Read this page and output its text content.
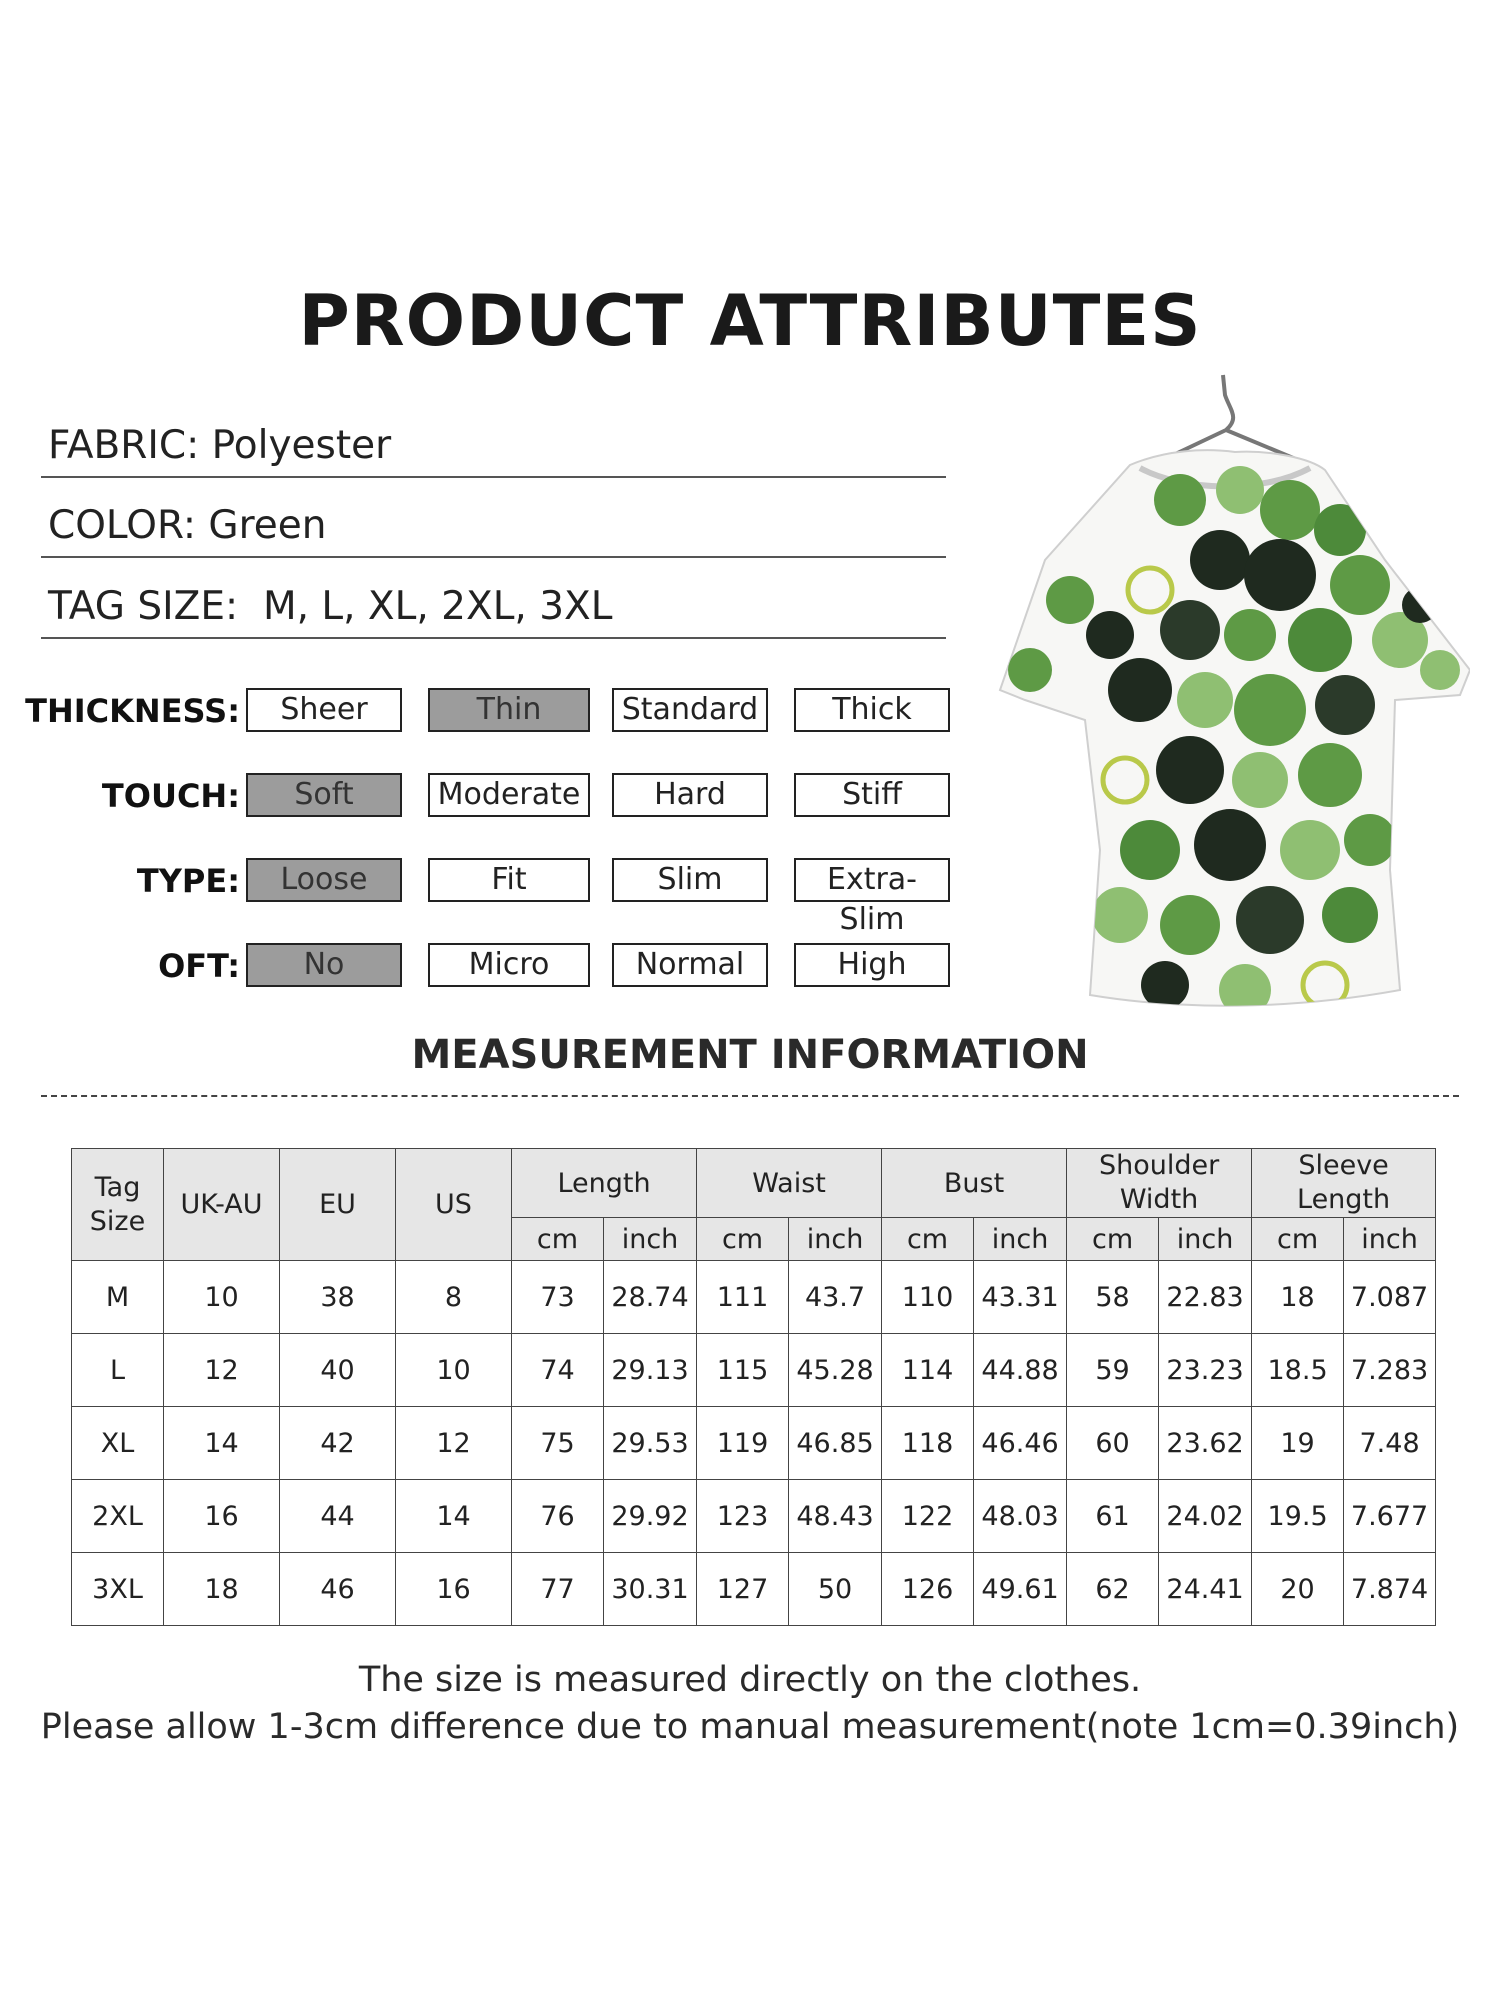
PRODUCT ATTRIBUTES
FABRIC: Polyester
COLOR: Green
TAG SIZE:  M, L, XL, 2XL, 3XL
THICKNESS:	Sheer	Thin	Standard	Thick
TOUCH:	Soft	Moderate	Hard	Stiff
TYPE:	Loose	Fit	Slim	Extra-Slim
OFT:	No	Micro	Normal	High
MEASUREMENT INFORMATION
Tag Size	UK-AU	EU	US	Length		Waist		Bust		Shoulder Width		Sleeve Length	
				cm	inch	cm	inch	cm	inch	cm	inch	cm	inch
M	10	38	8	73	28.74	111	43.7	110	43.31	58	22.83	18	7.087
L	12	40	10	74	29.13	115	45.28	114	44.88	59	23.23	18.5	7.283
XL	14	42	12	75	29.53	119	46.85	118	46.46	60	23.62	19	7.48
2XL	16	44	14	76	29.92	123	48.43	122	48.03	61	24.02	19.5	7.677
3XL	18	46	16	77	30.31	127	50	126	49.61	62	24.41	20	7.874
The size is measured directly on the clothes.
Please allow 1-3cm difference due to manual measurement(note 1cm=0.39inch)
